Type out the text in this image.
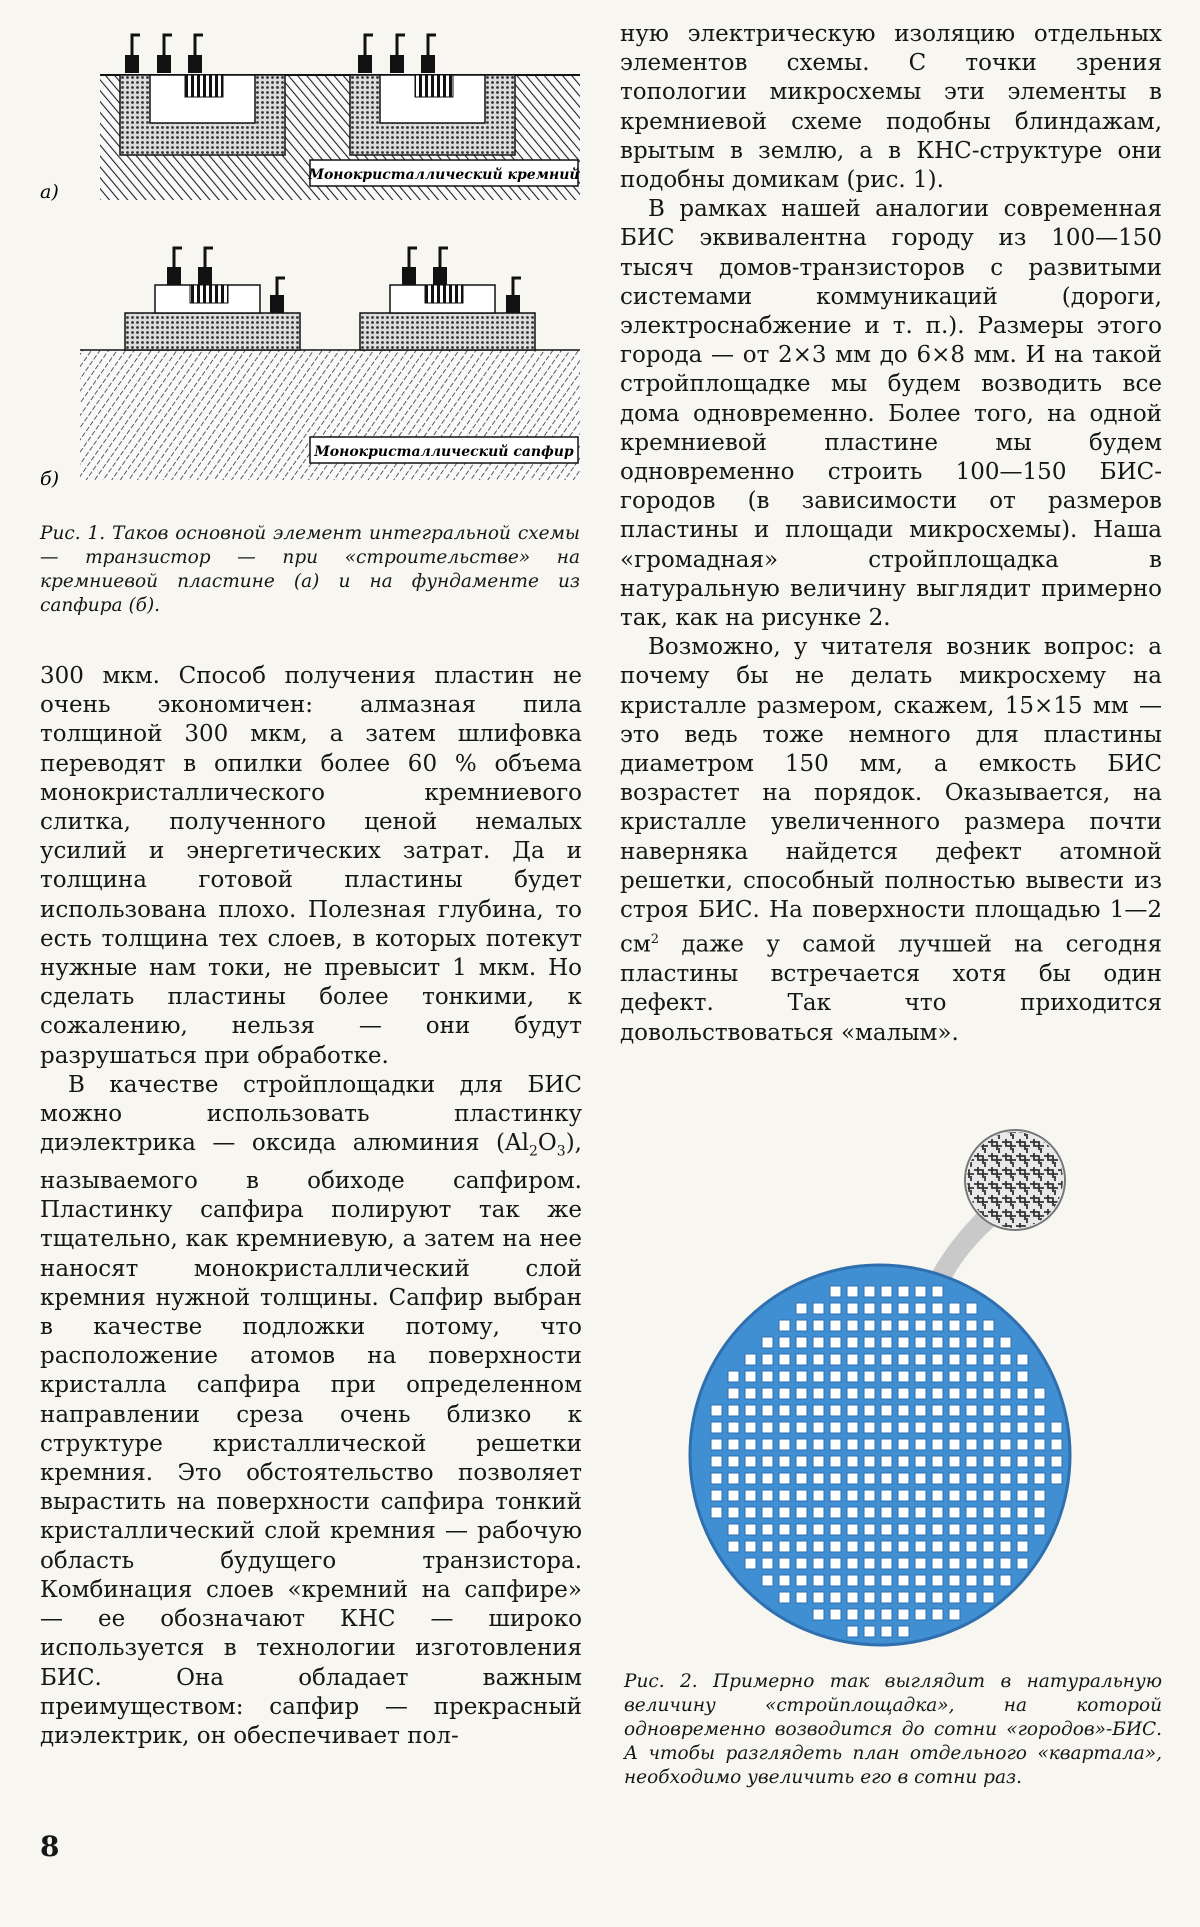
Монокристаллический кремний
а)
Монокристаллический сапфир
б)
Рис. 1. Таков основной элемент интегральной схемы — транзистор — при «строительстве» на кремниевой пластине (а) и на фундаменте из сапфира (б).

ную электрическую изоляцию отдельных элементов схемы. С точки зрения топологии микросхемы эти элементы в кремниевой схеме подобны блиндажам, врытым в землю, а в КНС-структуре они подобны домикам (рис. 1).

В рамках нашей аналогии современная БИС эквивалентна городу из 100—150 тысяч домов-транзисторов с развитыми системами коммуникаций (дороги, электроснабжение и т. п.). Размеры этого города — от 2×3 мм до 6×8 мм. И на такой стройплощадке мы будем возводить все дома одновременно. Более того, на одной кремниевой пластине мы будем одновременно строить 100—150 БИС-городов (в зависимости от размеров пластины и площади микросхемы). Наша «громадная» стройплощадка в натуральную величину выглядит примерно так, как на рисунке 2.

Возможно, у читателя возник вопрос: а почему бы не делать микросхему на кристалле размером, скажем, 15×15 мм — это ведь тоже немного для пластины диаметром 150 мм, а емкость БИС возрастет на порядок. Оказывается, на кристалле увеличенного размера почти наверняка найдется дефект атомной решетки, способный полностью вывести из строя БИС. На поверхности площадью 1—2 $см^2$ даже у самой лучшей на сегодня пластины встречается хотя бы один дефект. Так что приходится довольствоваться «малым».

300 мкм. Способ получения пластин не очень экономичен: алмазная пила толщиной 300 мкм, а затем шлифовка переводят в опилки более 60 % объема монокристаллического кремниевого слитка, полученного ценой немалых усилий и энергетических затрат. Да и толщина готовой пластины будет использована плохо. Полезная глубина, то есть толщина тех слоев, в которых потекут нужные нам токи, не превысит 1 мкм. Но сделать пластины более тонкими, к сожалению, нельзя — они будут разрушаться при обработке.

В качестве стройплощадки для БИС можно использовать пластинку диэлектрика — оксида алюминия $(Al_2O_3)$, называемого в обиходе сапфиром. Пластинку сапфира полируют так же тщательно, как кремниевую, а затем на нее наносят монокристаллический слой кремния нужной толщины. Сапфир выбран в качестве подложки потому, что расположение атомов на поверхности кристалла сапфира при определенном направлении среза очень близко к структуре кристаллической решетки кремния. Это обстоятельство позволяет вырастить на поверхности сапфира тонкий кристаллический слой кремния — рабочую область будущего транзистора. Комбинация слоев «кремний на сапфире» — ее обозначают КНС — широко используется в технологии изготовления БИС. Она обладает важным преимуществом: сапфир — прекрасный диэлектрик, он обеспечивает пол-

Рис. 2. Примерно так выглядит в натуральную величину «стройплощадка», на которой одновременно возводится до сотни «городов»-БИС. А чтобы разглядеть план отдельного «квартала», необходимо увеличить его в сотни раз.
8
